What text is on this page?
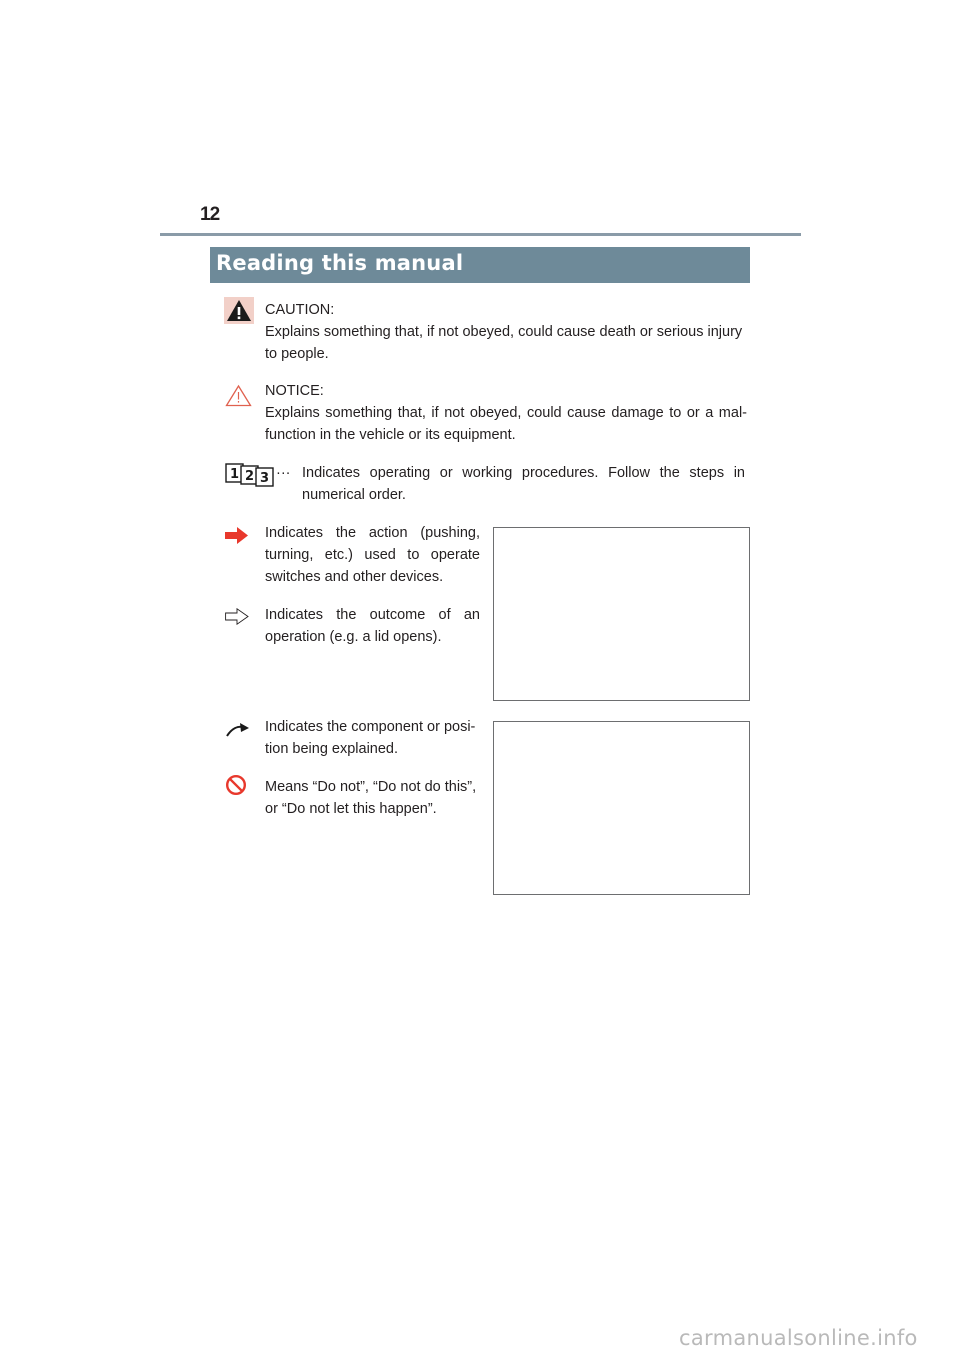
12
Reading this manual
CAUTION:
Explains something that, if not obeyed, could cause death or serious injury
to people.
NOTICE:
Explains something that, if not obeyed, could cause damage to or a mal-
function in the vehicle or its equipment.
1 2 3 ··· Indicates operating or working procedures. Follow the steps in
numerical order.
Indicates the action (pushing,
turning, etc.) used to operate
switches and other devices.
Indicates the outcome of an
operation (e.g. a lid opens).
Indicates the component or posi-
tion being explained.
Means “Do not”, “Do not do this”,
or “Do not let this happen”.
carmanualsonline.info
